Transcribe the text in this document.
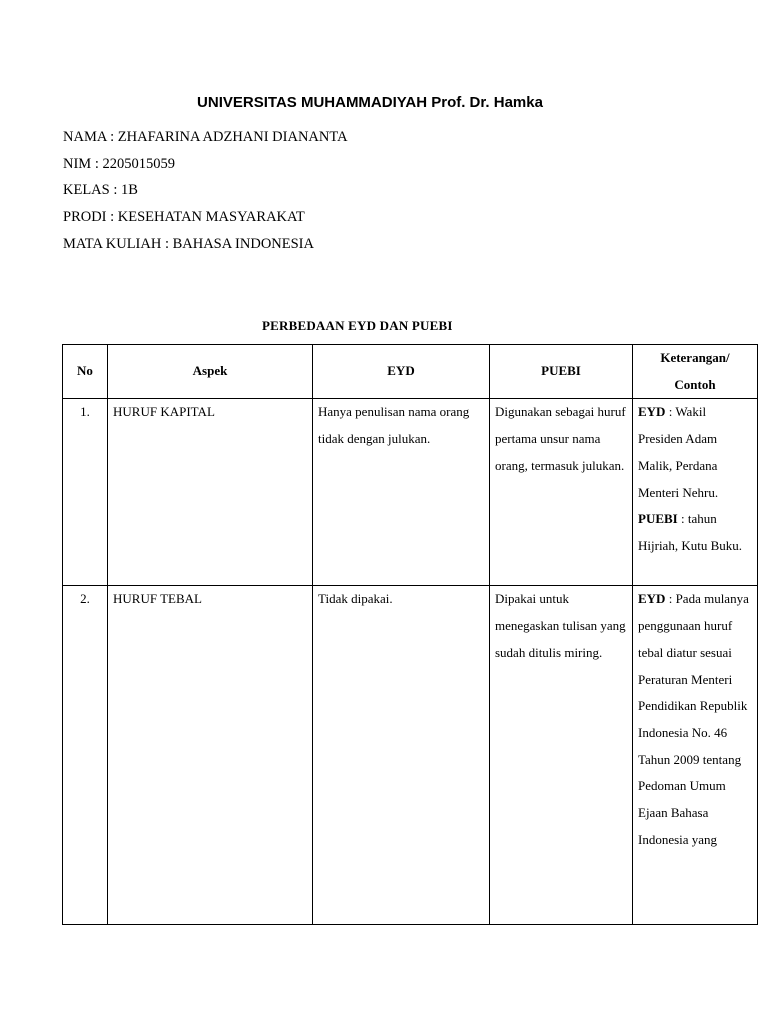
UNIVERSITAS MUHAMMADIYAH Prof. Dr. Hamka
NAMA : ZHAFARINA ADZHANI DIANANTA
NIM : 2205015059
KELAS : 1B
PRODI : KESEHATAN MASYARAKAT
MATA KULIAH : BAHASA INDONESIA
PERBEDAAN EYD DAN PUEBI
No	Aspek	EYD	PUEBI	Keterangan/
Contoh

1.	HURUF KAPITAL	Hanya penulisan nama orang tidak dengan julukan.	Digunakan sebagai huruf pertama unsur nama orang, termasuk julukan.	EYD : Wakil Presiden Adam Malik, Perdana Menteri Nehru.
PUEBI : tahun Hijriah, Kutu Buku.

2.	HURUF TEBAL	Tidak dipakai.	Dipakai untuk menegaskan tulisan yang sudah ditulis miring.	EYD : Pada mulanya penggunaan huruf tebal diatur sesuai Peraturan Menteri Pendidikan Republik Indonesia No. 46 Tahun 2009 tentang Pedoman Umum Ejaan Bahasa Indonesia yang
